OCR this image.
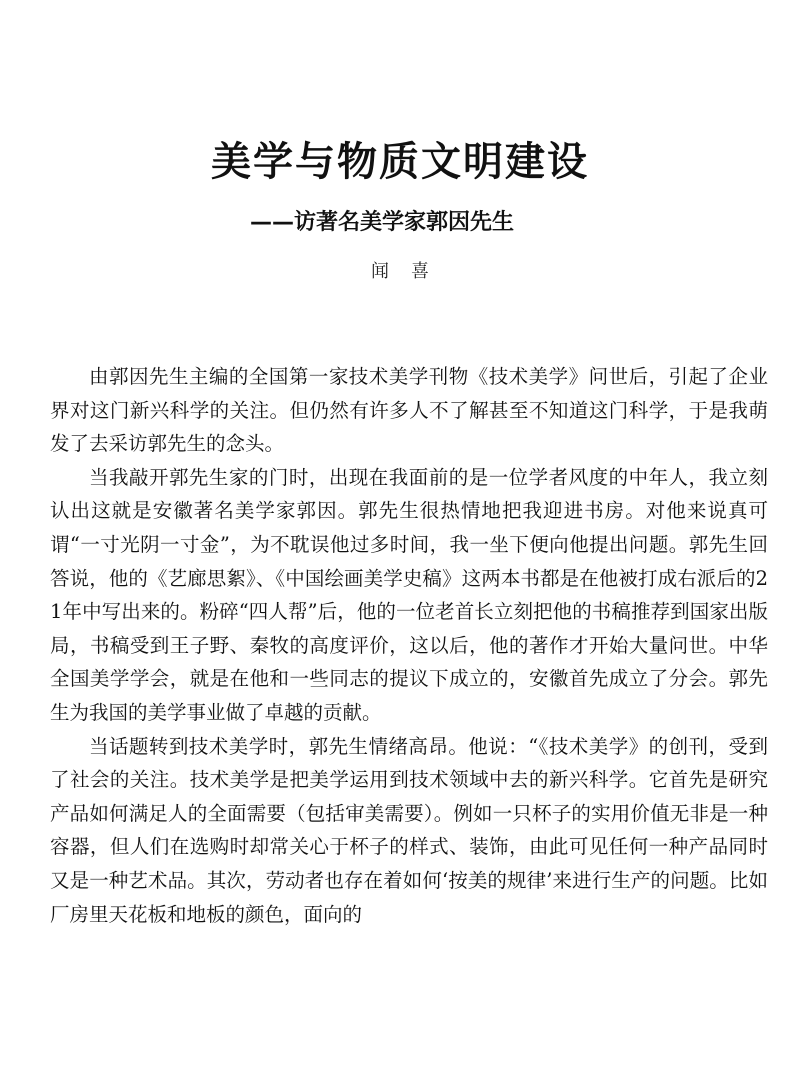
美学与物质文明建设
——访著名美学家郭因先生
闻喜

由郭因先生主编的全国第一家技术美学刊物《技术美学》问世后，引起了企业界对这门新兴科学的关注。但仍然有许多人不了解甚至不知道这门科学，于是我萌发了去采访郭先生的念头。

当我敲开郭先生家的门时，出现在我面前的是一位学者风度的中年人，我立刻认出这就是安徽著名美学家郭因。郭先生很热情地把我迎进书房。对他来说真可谓“一寸光阴一寸金”，为不耽误他过多时间，我一坐下便向他提出问题。郭先生回答说，他的《艺廊思絮》、《中国绘画美学史稿》这两本书都是在他被打成右派后的21年中写出来的。粉碎“四人帮”后，他的一位老首长立刻把他的书稿推荐到国家出版局，书稿受到王子野、秦牧的高度评价，这以后，他的著作才开始大量问世。中华全国美学学会，就是在他和一些同志的提议下成立的，安徽首先成立了分会。郭先生为我国的美学事业做了卓越的贡献。

当话题转到技术美学时，郭先生情绪高昂。他说：“《技术美学》的创刊，受到了社会的关注。技术美学是把美学运用到技术领域中去的新兴科学。它首先是研究产品如何满足人的全面需要（包括审美需要）。例如一只杯子的实用价值无非是一种容器，但人们在选购时却常关心于杯子的样式、装饰，由此可见任何一种产品同时又是一种艺术品。其次，劳动者也存在着如何‘按美的规律’来进行生产的问题。比如厂房里天花板和地板的颜色，面向的
